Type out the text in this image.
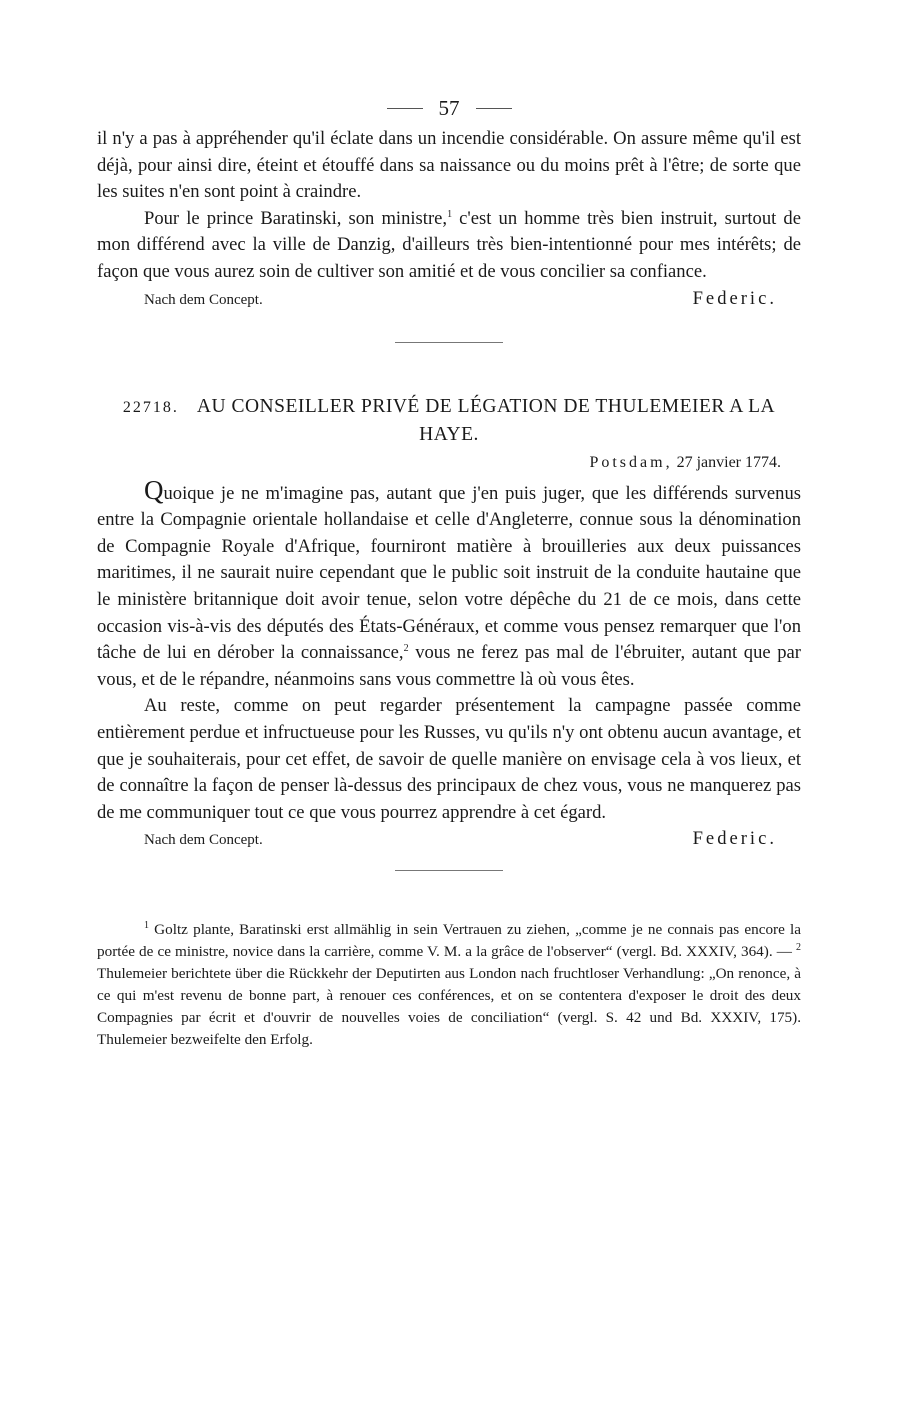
57

il n'y a pas à appréhender qu'il éclate dans un incendie considérable. On assure même qu'il est déjà, pour ainsi dire, éteint et étouffé dans sa naissance ou du moins prêt à l'être; de sorte que les suites n'en sont point à craindre.

Pour le prince Baratinski, son ministre,$^1$ c'est un homme très bien instruit, surtout de mon différend avec la ville de Danzig, d'ailleurs très bien-intentionné pour mes intérêts; de façon que vous aurez soin de cultiver son amitié et de vous concilier sa confiance.

Nach dem Concept.	Federic.
22718. AU CONSEILLER PRIVÉ DE LÉGATION DE THULEMEIER A LA HAYE.
Potsdam, 27 janvier 1774.

Quoique je ne m'imagine pas, autant que j'en puis juger, que les différends survenus entre la Compagnie orientale hollandaise et celle d'Angleterre, connue sous la dénomination de Compagnie Royale d'Afrique, fourniront matière à brouilleries aux deux puissances maritimes, il ne saurait nuire cependant que le public soit instruit de la conduite hautaine que le ministère britannique doit avoir tenue, selon votre dépêche du 21 de ce mois, dans cette occasion vis-à-vis des députés des États-Généraux, et comme vous pensez remarquer que l'on tâche de lui en dérober la connaissance,$^2$ vous ne ferez pas mal de l'ébruiter, autant que par vous, et de le répandre, néanmoins sans vous commettre là où vous êtes.

Au reste, comme on peut regarder présentement la campagne passée comme entièrement perdue et infructueuse pour les Russes, vu qu'ils n'y ont obtenu aucun avantage, et que je souhaiterais, pour cet effet, de savoir de quelle manière on envisage cela à vos lieux, et de connaître la façon de penser là-dessus des principaux de chez vous, vous ne manquerez pas de me communiquer tout ce que vous pourrez apprendre à cet égard.

Nach dem Concept.	Federic.
$^1$ Goltz plante, Baratinski erst allmählig in sein Vertrauen zu ziehen, „comme je ne connais pas encore la portée de ce ministre, novice dans la carrière, comme V. M. a la grâce de l'observer“ (vergl. Bd. XXXIV, 364). — $^2$ Thulemeier berichtete über die Rückkehr der Deputirten aus London nach fruchtloser Verhandlung: „On renonce, à ce qui m'est revenu de bonne part, à renouer ces conférences, et on se contentera d'exposer le droit des deux Compagnies par écrit et d'ouvrir de nouvelles voies de conciliation“ (vergl. S. 42 und Bd. XXXIV, 175). Thulemeier bezweifelte den Erfolg.
